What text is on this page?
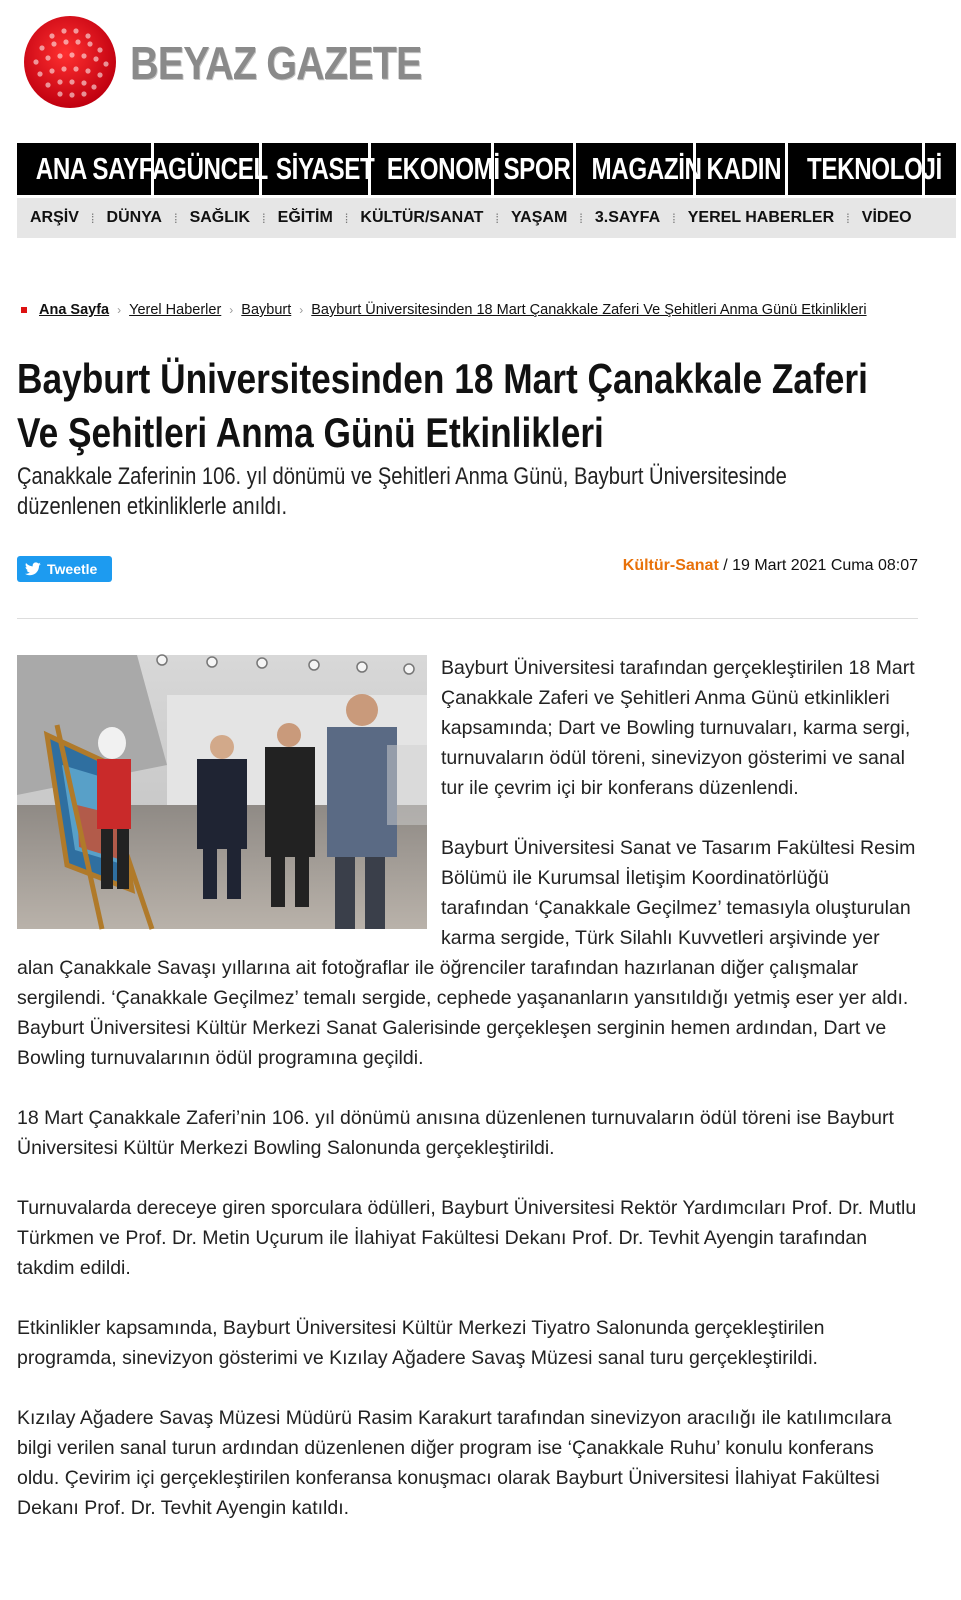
BEYAZ GAZETE
ANA SAYFA GÜNCEL SİYASET EKONOMİ SPOR MAGAZİN KADIN TEKNOLOJİ
ARŞİV ⁞ DÜNYA ⁞ SAĞLIK ⁞ EĞİTİM ⁞ KÜLTÜR/SANAT ⁞ YAŞAM ⁞ 3.SAYFA ⁞ YEREL HABERLER ⁞ VİDEO
Ana Sayfa › Yerel Haberler › Bayburt › Bayburt Üniversitesinden 18 Mart Çanakkale Zaferi Ve Şehitleri Anma Günü Etkinlikleri
Bayburt Üniversitesinden 18 Mart Çanakkale Zaferi Ve Şehitleri Anma Günü Etkinlikleri
Çanakkale Zaferinin 106. yıl dönümü ve Şehitleri Anma Günü, Bayburt Üniversitesinde düzenlenen etkinliklerle anıldı.
Tweetle	Kültür-Sanat / 19 Mart 2021 Cuma 08:07

Bayburt Üniversitesi tarafından gerçekleştirilen 18 Mart Çanakkale Zaferi ve Şehitleri Anma Günü etkinlikleri kapsamında; Dart ve Bowling turnuvaları, karma sergi, turnuvaların ödül töreni, sinevizyon gösterimi ve sanal tur ile çevrim içi bir konferans düzenlendi.

Bayburt Üniversitesi Sanat ve Tasarım Fakültesi Resim Bölümü ile Kurumsal İletişim Koordinatörlüğü tarafından ‘Çanakkale Geçilmez’ temasıyla oluşturulan karma sergide, Türk Silahlı Kuvvetleri arşivinde yer alan Çanakkale Savaşı yıllarına ait fotoğraflar ile öğrenciler tarafından hazırlanan diğer çalışmalar sergilendi. ‘Çanakkale Geçilmez’ temalı sergide, cephede yaşananların yansıtıldığı yetmiş eser yer aldı. Bayburt Üniversitesi Kültür Merkezi Sanat Galerisinde gerçekleşen serginin hemen ardından, Dart ve Bowling turnuvalarının ödül programına geçildi.

18 Mart Çanakkale Zaferi’nin 106. yıl dönümü anısına düzenlenen turnuvaların ödül töreni ise Bayburt Üniversitesi Kültür Merkezi Bowling Salonunda gerçekleştirildi.

Turnuvalarda dereceye giren sporculara ödülleri, Bayburt Üniversitesi Rektör Yardımcıları Prof. Dr. Mutlu Türkmen ve Prof. Dr. Metin Uçurum ile İlahiyat Fakültesi Dekanı Prof. Dr. Tevhit Ayengin tarafından takdim edildi.

Etkinlikler kapsamında, Bayburt Üniversitesi Kültür Merkezi Tiyatro Salonunda gerçekleştirilen programda, sinevizyon gösterimi ve Kızılay Ağadere Savaş Müzesi sanal turu gerçekleştirildi.

Kızılay Ağadere Savaş Müzesi Müdürü Rasim Karakurt tarafından sinevizyon aracılığı ile katılımcılara bilgi verilen sanal turun ardından düzenlenen diğer program ise ‘Çanakkale Ruhu’ konulu konferans oldu. Çevirim içi gerçekleştirilen konferansa konuşmacı olarak Bayburt Üniversitesi İlahiyat Fakültesi Dekanı Prof. Dr. Tevhit Ayengin katıldı.
